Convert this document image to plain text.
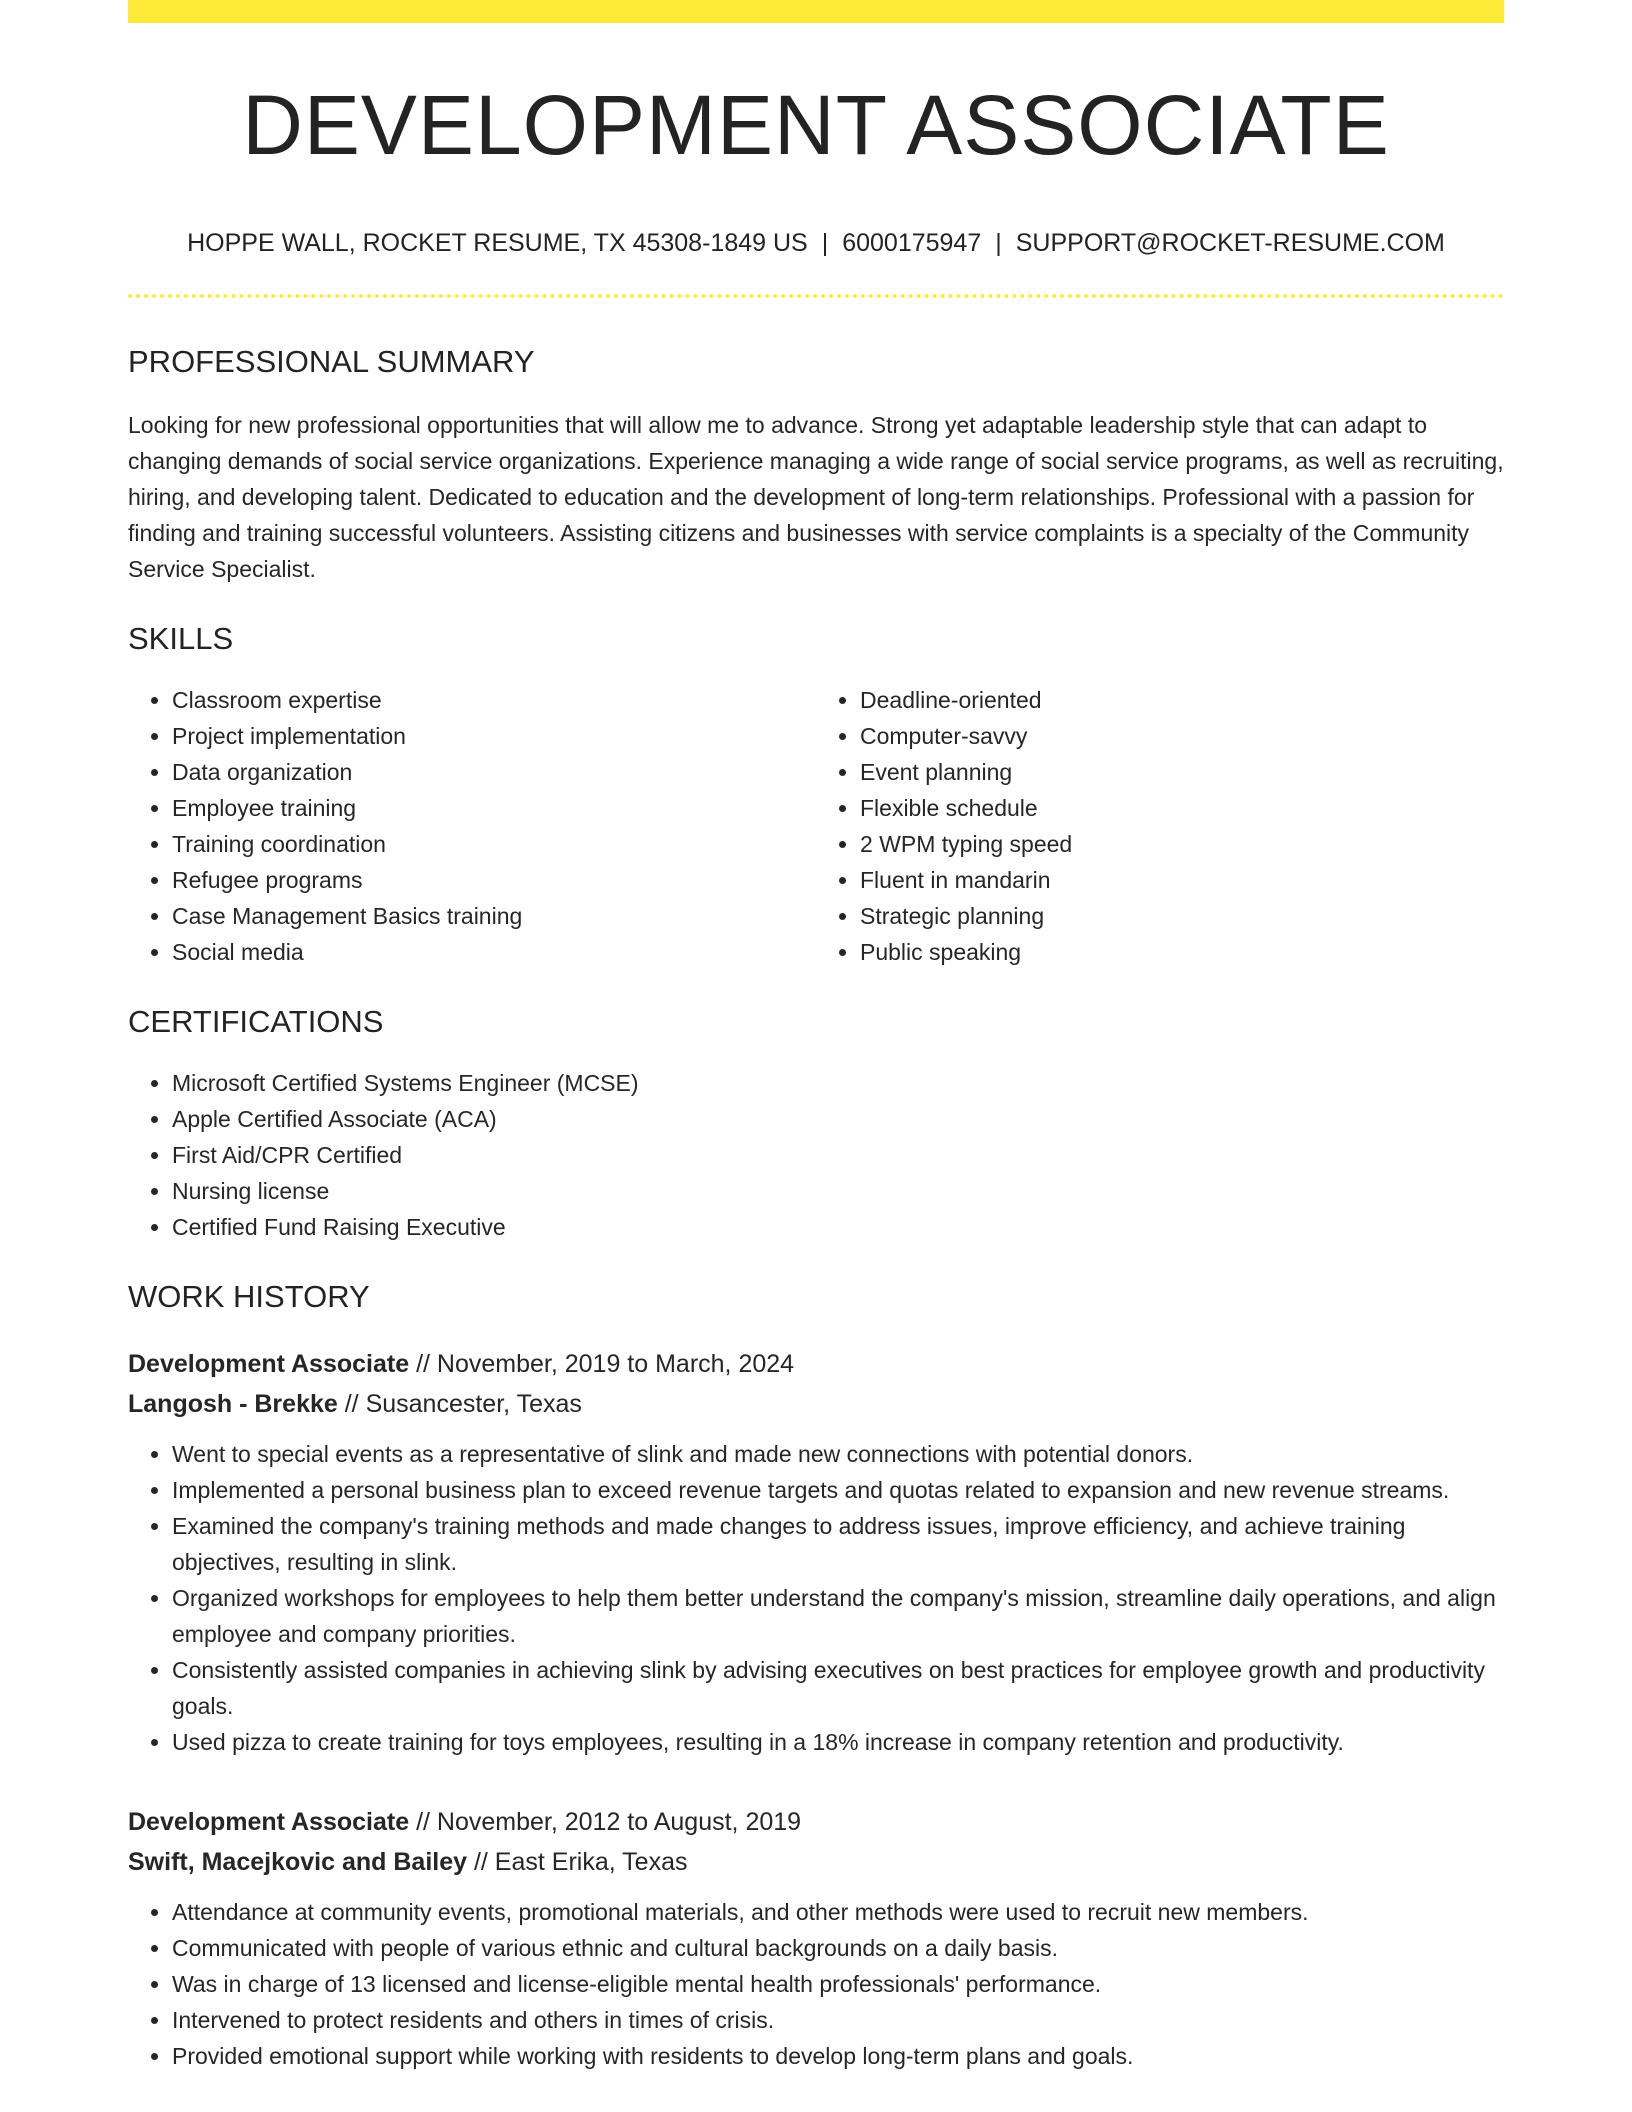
DEVELOPMENT ASSOCIATE
HOPPE WALL, ROCKET RESUME, TX 45308-1849 US | 6000175947 | SUPPORT@ROCKET-RESUME.COM
PROFESSIONAL SUMMARY

Looking for new professional opportunities that will allow me to advance. Strong yet adaptable leadership style that can adapt to changing demands of social service organizations. Experience managing a wide range of social service programs, as well as recruiting, hiring, and developing talent. Dedicated to education and the development of long-term relationships. Professional with a passion for finding and training successful volunteers. Assisting citizens and businesses with service complaints is a specialty of the Community Service Specialist.

SKILLS
• Classroom expertise
• Project implementation
• Data organization
• Employee training
• Training coordination
• Refugee programs
• Case Management Basics training
• Social media
• Deadline-oriented
• Computer-savvy
• Event planning
• Flexible schedule
• 2 WPM typing speed
• Fluent in mandarin
• Strategic planning
• Public speaking
CERTIFICATIONS
• Microsoft Certified Systems Engineer (MCSE)
• Apple Certified Associate (ACA)
• First Aid/CPR Certified
• Nursing license
• Certified Fund Raising Executive
WORK HISTORY
Development Associate // November, 2019 to March, 2024
Langosh - Brekke // Susancester, Texas
• Went to special events as a representative of slink and made new connections with potential donors.
• Implemented a personal business plan to exceed revenue targets and quotas related to expansion and new revenue streams.
• Examined the company's training methods and made changes to address issues, improve efficiency, and achieve training objectives, resulting in slink.
• Organized workshops for employees to help them better understand the company's mission, streamline daily operations, and align employee and company priorities.
• Consistently assisted companies in achieving slink by advising executives on best practices for employee growth and productivity goals.
• Used pizza to create training for toys employees, resulting in a 18% increase in company retention and productivity.
Development Associate // November, 2012 to August, 2019
Swift, Macejkovic and Bailey // East Erika, Texas
• Attendance at community events, promotional materials, and other methods were used to recruit new members.
• Communicated with people of various ethnic and cultural backgrounds on a daily basis.
• Was in charge of 13 licensed and license-eligible mental health professionals' performance.
• Intervened to protect residents and others in times of crisis.
• Provided emotional support while working with residents to develop long-term plans and goals.
